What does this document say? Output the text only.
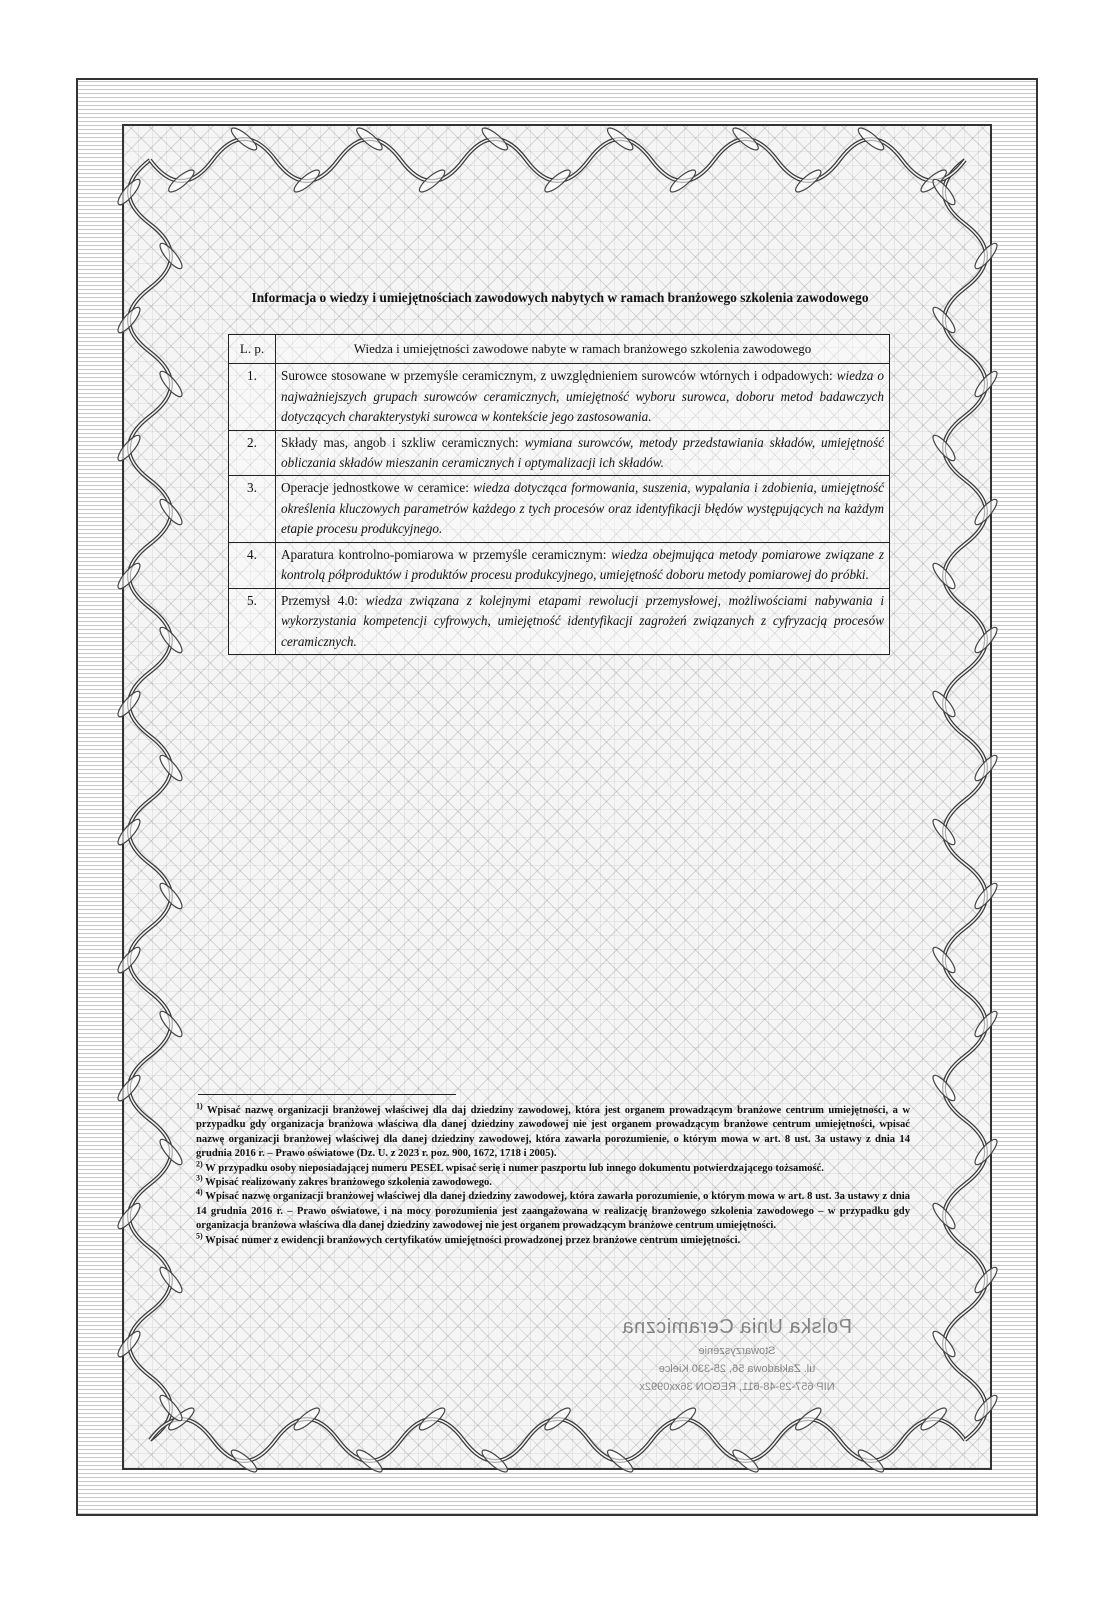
Informacja o wiedzy i umiejętnościach zawodowych nabytych w ramach branżowego szkolenia zawodowego
L. p.	Wiedza i umiejętności zawodowe nabyte w ramach branżowego szkolenia zawodowego
1.	Surowce stosowane w przemyśle ceramicznym, z uwzględnieniem surowców wtórnych i odpadowych: wiedza o najważniejszych grupach surowców ceramicznych, umiejętność wyboru surowca, doboru metod badawczych dotyczących charakterystyki surowca w kontekście jego zastosowania.
2.	Składy mas, angob i szkliw ceramicznych: wymiana surowców, metody przedstawiania składów, umiejętność obliczania składów mieszanin ceramicznych i optymalizacji ich składów.
3.	Operacje jednostkowe w ceramice: wiedza dotycząca formowania, suszenia, wypalania i zdobienia, umiejętność określenia kluczowych parametrów każdego z tych procesów oraz identyfikacji błędów występujących na każdym etapie procesu produkcyjnego.
4.	Aparatura kontrolno-pomiarowa w przemyśle ceramicznym: wiedza obejmująca metody pomiarowe związane z kontrolą półproduktów i produktów procesu produkcyjnego, umiejętność doboru metody pomiarowej do próbki.
5.	Przemysł 4.0: wiedza związana z kolejnymi etapami rewolucji przemysłowej, możliwościami nabywania i wykorzystania kompetencji cyfrowych, umiejętność identyfikacji zagrożeń związanych z cyfryzacją procesów ceramicznych.

$^{1)}$ Wpisać nazwę organizacji branżowej właściwej dla daj dziedziny zawodowej, która jest organem prowadzącym branżowe centrum umiejętności, a w przypadku gdy organizacja branżowa właściwa dla danej dziedziny zawodowej nie jest organem prowadzącym branżowe centrum umiejętności, wpisać nazwę organizacji branżowej właściwej dla danej dziedziny zawodowej, która zawarła porozumienie, o którym mowa w art. 8 ust. 3a ustawy z dnia 14 grudnia 2016 r. – Prawo oświatowe (Dz. U. z 2023 r. poz. 900, 1672, 1718 i 2005).

$^{2)}$ W przypadku osoby nieposiadającej numeru PESEL wpisać serię i numer paszportu lub innego dokumentu potwierdzającego tożsamość.

$^{3)}$ Wpisać realizowany zakres branżowego szkolenia zawodowego.

$^{4)}$ Wpisać nazwę organizacji branżowej właściwej dla danej dziedziny zawodowej, która zawarła porozumienie, o którym mowa w art. 8 ust. 3a ustawy z dnia 14 grudnia 2016 r. – Prawo oświatowe, i na mocy porozumienia jest zaangażowana w realizację branżowego szkolenia zawodowego – w przypadku gdy organizacja branżowa właściwa dla danej dziedziny zawodowej nie jest organem prowadzącym branżowe centrum umiejętności.

$^{5)}$ Wpisać numer z ewidencji branżowych certyfikatów umiejętności prowadzonej przez branżowe centrum umiejętności.

Polska Unia Ceramiczna
Stowarzyszenie
ul. Zakładowa 56, 25-330 Kielce
NIP 657-29-48-611, REGON 36xx0992x
